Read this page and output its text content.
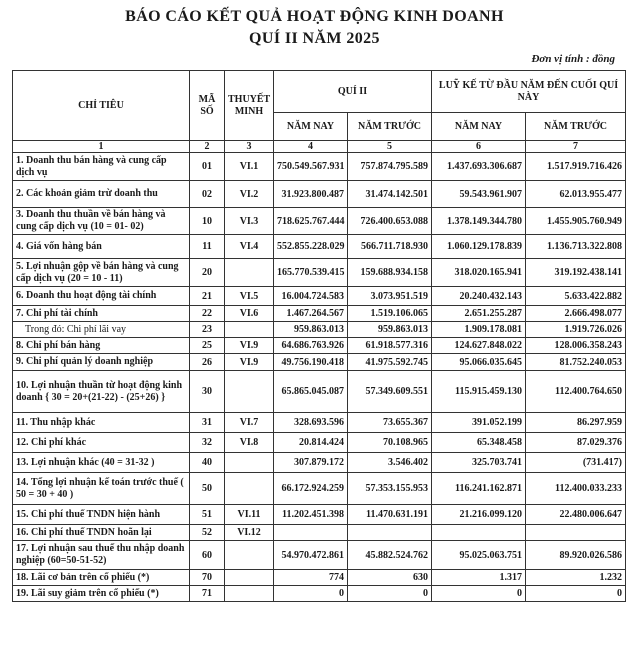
BÁO CÁO KẾT QUẢ HOẠT ĐỘNG KINH DOANH
QUÍ II NĂM 2025
Đơn vị tính : đồng
CHỈ TIÊU	MÃ SỐ	THUYẾT MINH	QUÍ II		LUỸ KẾ TỪ ĐẦU NĂM ĐẾN CUỐI QUÍ NÀY	
			NĂM NAY	NĂM TRƯỚC	NĂM NAY	NĂM TRƯỚC
1	2	3	4	5	6	7
1. Doanh thu bán hàng và cung cấp dịch vụ	01	VI.1	750.549.567.931	757.874.795.589	1.437.693.306.687	1.517.919.716.426
2. Các khoản giảm trừ doanh thu	02	VI.2	31.923.800.487	31.474.142.501	59.543.961.907	62.013.955.477
3. Doanh thu thuần về bán hàng và cung cấp dịch vụ (10 = 01- 02)	10	VI.3	718.625.767.444	726.400.653.088	1.378.149.344.780	1.455.905.760.949
4. Giá vốn hàng bán	11	VI.4	552.855.228.029	566.711.718.930	1.060.129.178.839	1.136.713.322.808
5. Lợi nhuận gộp về bán hàng và cung cấp dịch vụ (20 = 10 - 11)	20		165.770.539.415	159.688.934.158	318.020.165.941	319.192.438.141
6. Doanh thu hoạt động tài chính	21	VI.5	16.004.724.583	3.073.951.519	20.240.432.143	5.633.422.882
7. Chi phí tài chính	22	VI.6	1.467.264.567	1.519.106.065	2.651.255.287	2.666.498.077
Trong đó: Chi phí lãi vay	23		959.863.013	959.863.013	1.909.178.081	1.919.726.026
8. Chi phí bán hàng	25	VI.9	64.686.763.926	61.918.577.316	124.627.848.022	128.006.358.243
9. Chi phí quản lý doanh nghiệp	26	VI.9	49.756.190.418	41.975.592.745	95.066.035.645	81.752.240.053
10. Lợi nhuận thuần từ hoạt động kinh doanh { 30 = 20+(21-22) - (25+26) }	30		65.865.045.087	57.349.609.551	115.915.459.130	112.400.764.650
11. Thu nhập khác	31	VI.7	328.693.596	73.655.367	391.052.199	86.297.959
12. Chi phí khác	32	VI.8	20.814.424	70.108.965	65.348.458	87.029.376
13. Lợi nhuận khác (40 = 31-32 )	40		307.879.172	3.546.402	325.703.741	(731.417)
14. Tổng lợi nhuận kế toán trước thuế ( 50 = 30 + 40 )	50		66.172.924.259	57.353.155.953	116.241.162.871	112.400.033.233
15. Chi phí thuế TNDN hiện hành	51	VI.11	11.202.451.398	11.470.631.191	21.216.099.120	22.480.006.647
16. Chi phí thuế TNDN hoãn lại	52	VI.12				
17. Lợi nhuận sau thuế thu nhập doanh nghiệp (60=50-51-52)	60		54.970.472.861	45.882.524.762	95.025.063.751	89.920.026.586
18. Lãi cơ bản trên cổ phiếu (*)	70		774	630	1.317	1.232
19. Lãi suy giảm trên cổ phiếu (*)	71		0	0	0	0
